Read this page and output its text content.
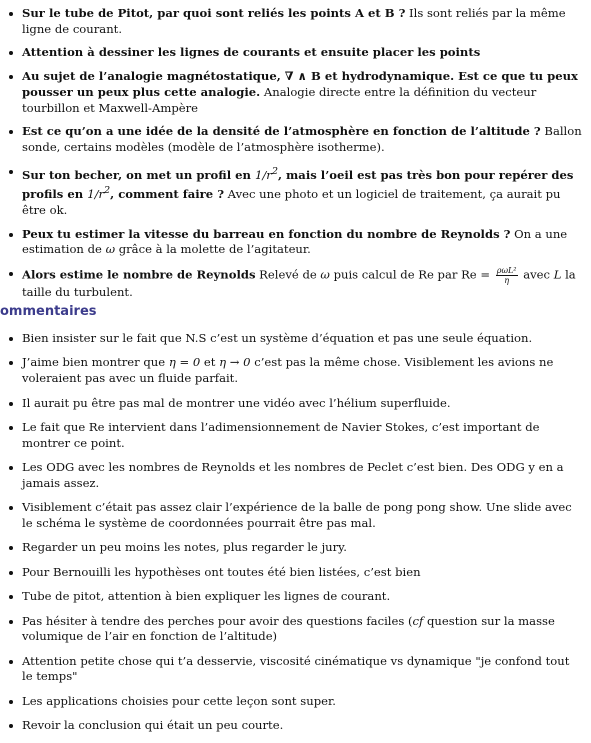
Sur le tube de Pitot, par quoi sont reliés les points A et B ? Ils sont reliés par la même ligne de courant.
Attention à dessiner les lignes de courants et ensuite placer les points
Au sujet de l’analogie magnétostatique, ∇ ∧ B et hydrodynamique. Est ce que tu peux pousser un peux plus cette analogie. Analogie directe entre la définition du vecteur tourbillon et Maxwell-Ampère
Est ce qu’on a une idée de la densité de l’atmosphère en fonction de l’altitude ? Ballon sonde, certains modèles (modèle de l’atmosphère isotherme).
Sur ton becher, on met un profil en $1/r^2$, mais l’oeil est pas très bon pour repérer des profils en $1/r^2$, comment faire ? Avec une photo et un logiciel de traitement, ça aurait pu être ok.
Peux tu estimer la vitesse du barreau en fonction du nombre de Reynolds ? On a une estimation de ω grâce à la molette de l’agitateur.
Alors estime le nombre de Reynolds Relevé de ω puis calcul de Re par $Re = \frac{\text{ρωL²}}{\eta}$ avec L la taille du turbulent.
ommentaires
Bien insister sur le fait que N.S c’est un système d’équation et pas une seule équation.
J’aime bien montrer que η = 0 et η → 0 c’est pas la même chose. Visiblement les avions ne voleraient pas avec un fluide parfait.
Il aurait pu être pas mal de montrer une vidéo avec l’hélium superfluide.
Le fait que Re intervient dans l’adimensionnement de Navier Stokes, c’est important de montrer ce point.
Les ODG avec les nombres de Reynolds et les nombres de Peclet c’est bien. Des ODG y en a jamais assez.
Visiblement c’était pas assez clair l’expérience de la balle de pong pong show. Une slide avec le schéma le système de coordonnées pourrait être pas mal.
Regarder un peu moins les notes, plus regarder le jury.
Pour Bernouilli les hypothèses ont toutes été bien listées, c’est bien
Tube de pitot, attention à bien expliquer les lignes de courant.
Pas hésiter à tendre des perches pour avoir des questions faciles (cf question sur la masse volumique de l’air en fonction de l’altitude)
Attention petite chose qui t’a desservie, viscosité cinématique vs dynamique "je confond tout le temps"
Les applications choisies pour cette leçon sont super.
Revoir la conclusion qui était un peu courte.
